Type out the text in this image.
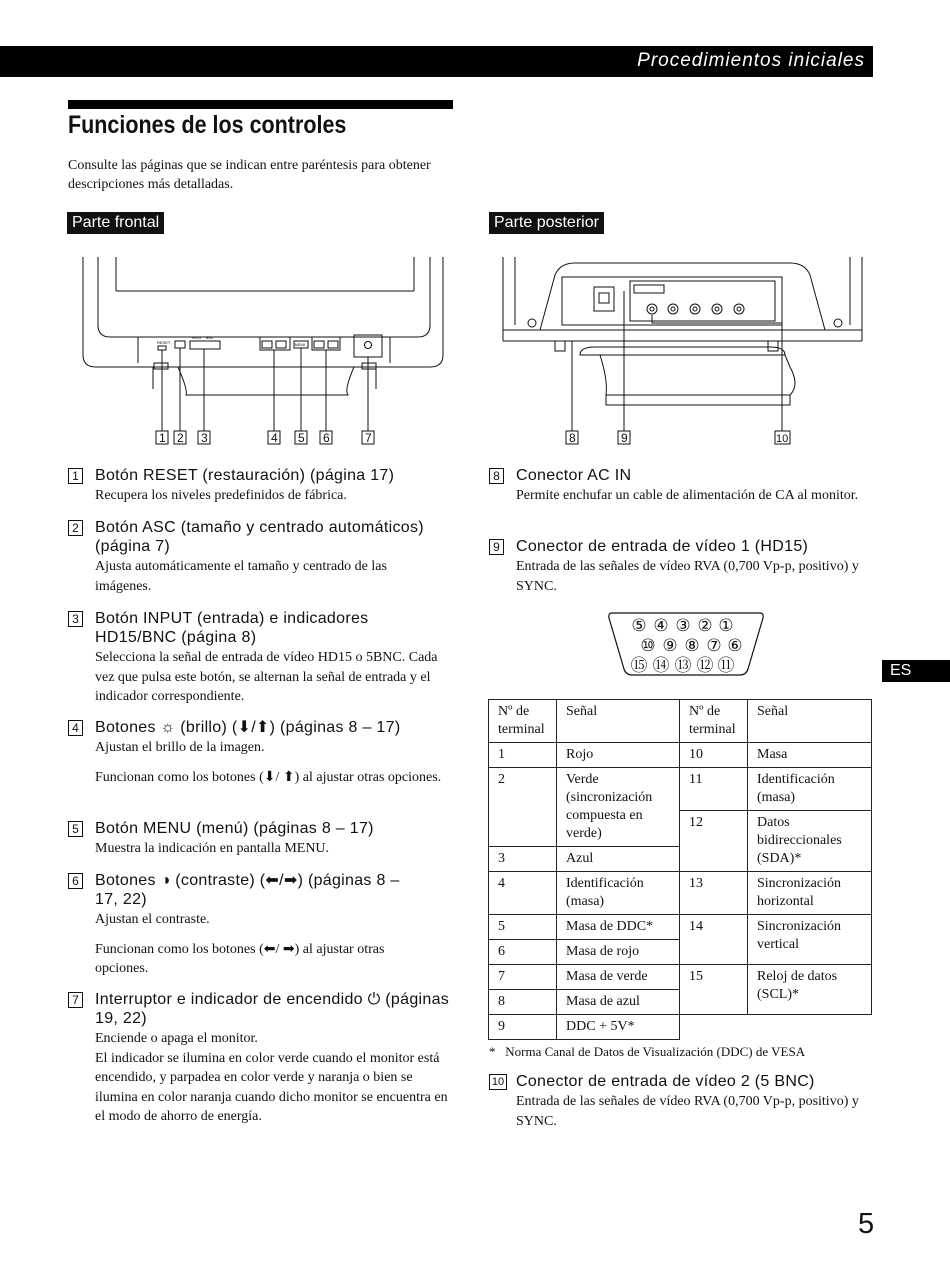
Procedimientos iniciales
Funciones de los controles
Consulte las páginas que se indican entre paréntesis para obtener descripciones más detalladas.
Parte frontal	Parte posterior
RESET
HD15 BNC
MENU
1 2 3	4 5 6	7	8	9	10
1 Botón RESET (restauración) (página 17)

Recupera los niveles predefinidos de fábrica.

2 Botón ASC (tamaño y centrado automáticos) (página 7)

Ajusta automáticamente el tamaño y centrado de las imágenes.

3 Botón INPUT (entrada) e indicadores HD15/BNC (página 8)

Selecciona la señal de entrada de vídeo HD15 o 5BNC. Cada vez que pulsa este botón, se alternan la señal de entrada y el indicador correspondiente.

4 Botones ☼ (brillo) (⬇/⬆) (páginas 8 – 17)

Ajustan el brillo de la imagen.

Funcionan como los botones (⬇/ ⬆) al ajustar otras opciones.

5 Botón MENU (menú) (páginas 8 – 17)

Muestra la indicación en pantalla MENU.

6 Botones ◑ (contraste) (⬅/➡) (páginas 8 – 17, 22)

Ajustan el contraste.

Funcionan como los botones (⬅/ ➡) al ajustar otras opciones.

7 Interruptor e indicador de encendido ⏻ (páginas 19, 22)

Enciende o apaga el monitor.
El indicador se ilumina en color verde cuando el monitor está encendido, y parpadea en color verde y naranja o bien se ilumina en color naranja cuando dicho monitor se encuentra en el modo de ahorro de energía.

8 Conector AC IN

Permite enchufar un cable de alimentación de CA al monitor.

9 Conector de entrada de vídeo 1 (HD15)

Entrada de las señales de vídeo RVA (0,700 Vp-p, positivo) y SYNC.

⑤ ④ ③ ② ①
⑩ ⑨ ⑧ ⑦ ⑥
⑮ ⑭ ⑬ ⑫ ⑪
Nº de terminal	Señal	Nº de terminal	Señal
1	Rojo	10	Masa
2	Verde (sincronización compuesta en verde)	11	Identificación (masa)
		12	Datos bidireccionales (SDA)*
3	Azul		
4	Identificación (masa)	13	Sincronización horizontal
5	Masa de DDC*	14	Sincronización vertical
6	Masa de rojo		
7	Masa de verde	15	Reloj de datos (SCL)*
8	Masa de azul		
9	DDC + 5V*		
*   Norma Canal de Datos de Visualización (DDC) de VESA
10 Conector de entrada de vídeo 2 (5 BNC)

Entrada de las señales de vídeo RVA (0,700 Vp-p, positivo) y SYNC.

ES
5
